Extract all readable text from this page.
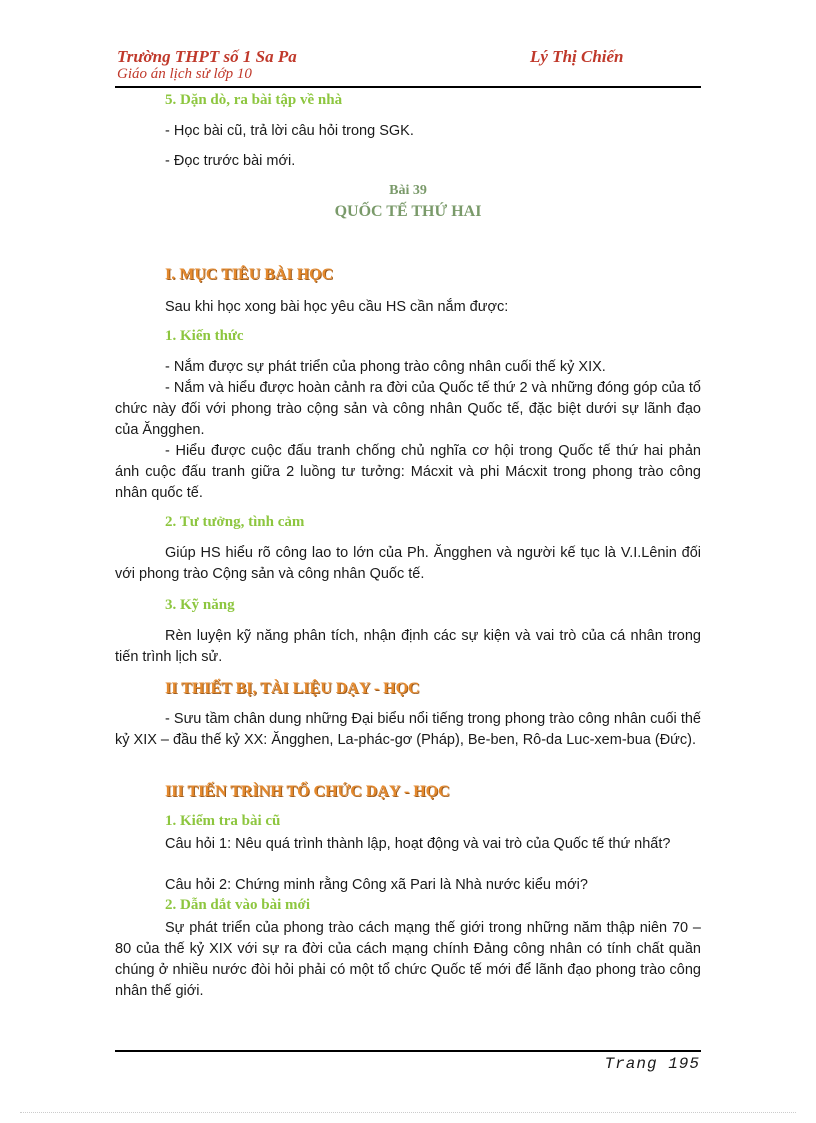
Trường THPT số 1 Sa Pa	Lý Thị Chiến
Giáo án lịch sử lớp 10
5. Dặn dò, ra bài tập về nhà
- Học bài cũ, trả lời câu hỏi trong SGK.
- Đọc trước bài mới.
Bài 39
QUỐC TẾ THỨ HAI
I. MỤC TIÊU BÀI HỌC
Sau khi học xong bài học yêu cầu HS cần nắm được:
1. Kiến thức
- Nắm được sự phát triển của phong trào công nhân cuối thế kỷ XIX.
- Nắm và hiểu được hoàn cảnh ra đời của Quốc tế thứ 2 và những đóng góp của tổ chức này đối với phong trào cộng sản và công nhân Quốc tế, đặc biệt dưới sự lãnh đạo của Ăngghen.
- Hiểu được cuộc đấu tranh chống chủ nghĩa cơ hội trong Quốc tế thứ hai phản ánh cuộc đấu tranh giữa 2 luồng tư tưởng: Mácxit và phi Mácxit trong phong trào công nhân quốc tế.
2. Tư tưởng, tình cảm
Giúp HS hiểu rõ công lao to lớn của Ph. Ăngghen và người kế tục là V.I.Lênin đối với phong trào Cộng sản và công nhân Quốc tế.
3. Kỹ năng
Rèn luyện kỹ năng phân tích, nhận định các sự kiện và vai trò của cá nhân trong tiến trình lịch sử.
II THIẾT BỊ, TÀI LIỆU DẠY - HỌC
- Sưu tầm chân dung những Đại biểu nổi tiếng trong phong trào công nhân cuối thế kỷ XIX – đầu thế kỷ XX: Ăngghen, La-phác-gơ (Pháp), Be-ben, Rô-da Luc-xem-bua (Đức).
III TIẾN TRÌNH TỔ CHỨC DẠY - HỌC
1. Kiểm tra bài cũ
Câu hỏi 1: Nêu quá trình thành lập, hoạt động và vai trò của Quốc tế thứ nhất?
Câu hỏi 2: Chứng minh rằng Công xã Pari là Nhà nước kiểu mới?
2. Dẫn dắt vào bài mới
Sự phát triển của phong trào cách mạng thế giới trong những năm thập niên 70 – 80 của thế kỷ XIX với sự ra đời của cách mạng chính Đảng công nhân có tính chất quần chúng ở nhiều nước đòi hỏi phải có một tổ chức Quốc tế mới để lãnh đạo phong trào công nhân thế giới.
Trang 195
